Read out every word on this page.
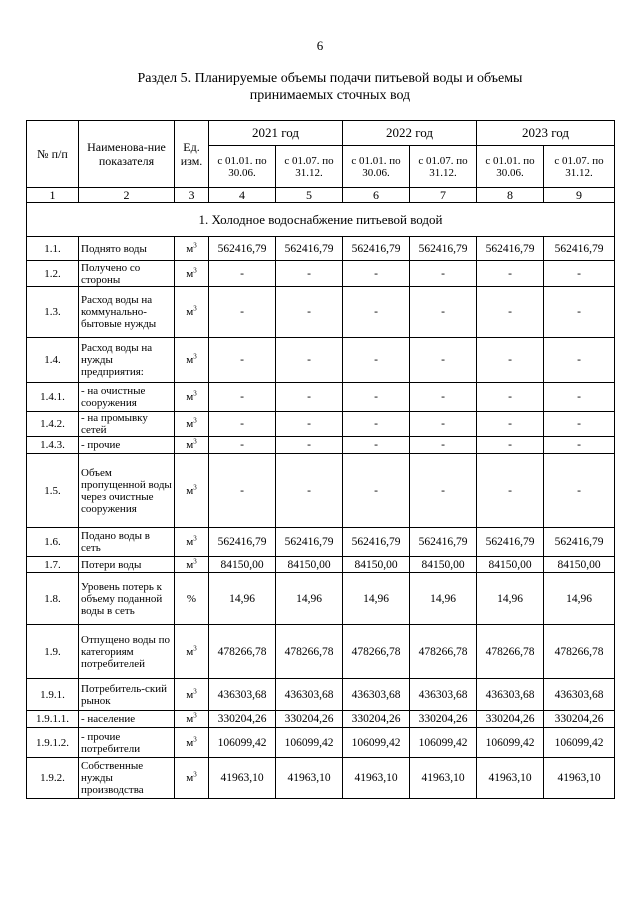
6
Раздел 5. Планируемые объемы подачи питьевой воды и объемы
принимаемых сточных вод
№ п/п	Наименова-ние показателя	Ед. изм.	2021 год		2022 год		2023 год	
			с 01.01. по 30.06.	с 01.07. по 31.12.	с 01.01. по 30.06.	с 01.07. по 31.12.	с 01.01. по 30.06.	с 01.07. по 31.12.
1	2	3	4	5	6	7	8	9
1. Холодное водоснабжение питьевой водой								
1.1.	Поднято воды	$м^3$	562416,79	562416,79	562416,79	562416,79	562416,79	562416,79
1.2.	Получено со стороны	$м^3$	-	-	-	-	-	-
1.3.	Расход воды на коммунально-бытовые нужды	$м^3$	-	-	-	-	-	-
1.4.	Расход воды на нужды предприятия:	$м^3$	-	-	-	-	-	-
1.4.1.	- на очистные сооружения	$м^3$	-	-	-	-	-	-
1.4.2.	- на промывку сетей	$м^3$	-	-	-	-	-	-
1.4.3.	- прочие	$м^3$	-	-	-	-	-	-
1.5.	Объем пропущенной воды через очистные сооружения	$м^3$	-	-	-	-	-	-
1.6.	Подано воды в сеть	$м^3$	562416,79	562416,79	562416,79	562416,79	562416,79	562416,79
1.7.	Потери воды	$м^3$	84150,00	84150,00	84150,00	84150,00	84150,00	84150,00
1.8.	Уровень потерь к объему поданной воды в сеть	%	14,96	14,96	14,96	14,96	14,96	14,96
1.9.	Отпущено воды по категориям потребителей	$м^3$	478266,78	478266,78	478266,78	478266,78	478266,78	478266,78
1.9.1.	Потребитель-ский рынок	$м^3$	436303,68	436303,68	436303,68	436303,68	436303,68	436303,68
1.9.1.1.	- население	$м^3$	330204,26	330204,26	330204,26	330204,26	330204,26	330204,26
1.9.1.2.	- прочие потребители	$м^3$	106099,42	106099,42	106099,42	106099,42	106099,42	106099,42
1.9.2.	Собственные нужды производства	$м^3$	41963,10	41963,10	41963,10	41963,10	41963,10	41963,10
